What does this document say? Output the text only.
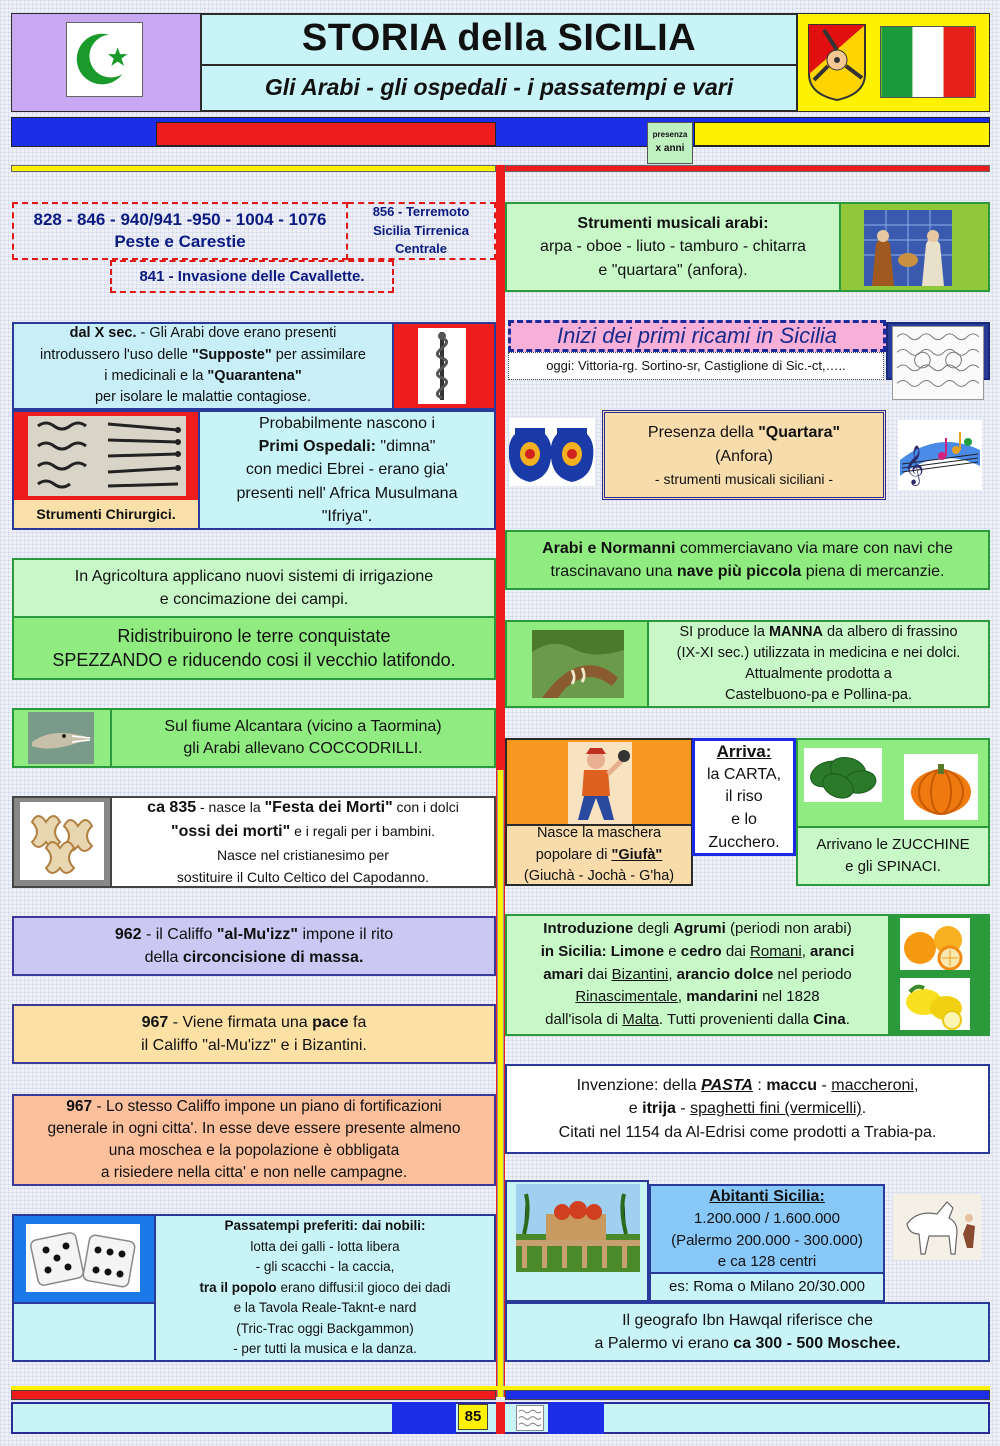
STORIA della SICILIA
Gli Arabi - gli ospedali - i passatempi e vari
presenza
x anni
828 - 846 - 940/941 -950 - 1004 - 1076
Peste e Carestie
856 - Terremoto
Sicilia Tirrenica
Centrale
841 - Invasione delle Cavallette.
dal X sec. - Gli Arabi dove erano presenti
introdussero l'uso delle "Supposte" per assimilare
i medicinali e la "Quarantena"
per isolare le malattie contagiose.
Strumenti Chirurgici.
Probabilmente nascono i
Primi Ospedali: "dimna"
con medici Ebrei - erano gia'
presenti nell' Africa Musulmana
"Ifriya".
In Agricoltura applicano nuovi sistemi di irrigazione
e concimazione dei campi.
Ridistribuirono le terre conquistate
SPEZZANDO e riducendo cosi il vecchio latifondo.
Sul fiume Alcantara (vicino a Taormina)
gli Arabi allevano COCCODRILLI.
ca 835 - nasce la "Festa dei Morti" con i dolci
"ossi dei morti" e i regali per i bambini.
Nasce nel cristianesimo per
sostituire il Culto Celtico del Capodanno.
962 - il Califfo "al-Mu'izz" impone il rito
della circoncisione di massa.
967 - Viene firmata una pace fa
il Califfo "al-Mu'izz" e i Bizantini.
967 - Lo stesso Califfo impone un piano di fortificazioni
generale in ogni citta'. In esse deve essere presente almeno
una moschea e la popolazione è obbligata
a risiedere nella citta' e non nelle campagne.
Passatempi preferiti: dai nobili:
lotta dei galli - lotta libera
- gli scacchi - la caccia,
tra il popolo erano diffusi:il gioco dei dadi
e la Tavola Reale-Taknt-e nard
(Tric-Trac oggi Backgammon)
- per tutti la musica e la danza.
Strumenti musicali arabi:
arpa - oboe - liuto - tamburo - chitarra
e "quartara" (anfora).
Inizi dei primi ricami in Sicilia
oggi: Vittoria-rg. Sortino-sr, Castiglione di Sic.-ct,…..
Presenza della "Quartara"
(Anfora)
- strumenti musicali siciliani - 𝄞
Arabi e Normanni commerciavano via mare con navi che
trascinavano una nave più piccola piena di mercanzie.
SI produce la MANNA da albero di frassino
(IX-XI sec.) utilizzata in medicina e nei dolci.
Attualmente prodotta a
Castelbuono-pa e Pollina-pa.
Nasce la maschera
popolare di "Giufà"
(Giuchà - Jochà - G'ha)
Arriva:
la CARTA,
il riso
e lo
Zucchero. Arrivano le ZUCCHINE
e gli SPINACI.
Introduzione degli Agrumi (periodi non arabi)
in Sicilia: Limone e cedro dai Romani, aranci
amari dai Bizantini, arancio dolce nel periodo
Rinascimentale, mandarini nel 1828
dall'isola di Malta. Tutti provenienti dalla Cina.
Invenzione: della PASTA : maccu - maccheroni,
e itrija - spaghetti fini (vermicelli).
Citati nel 1154 da Al-Edrisi come prodotti a Trabia-pa.
Abitanti Sicilia:
1.200.000 / 1.600.000
(Palermo 200.000 - 300.000)
e ca 128 centri
es: Roma o Milano 20/30.000
Il geografo Ibn Hawqal riferisce che
a Palermo vi erano ca 300 - 500 Moschee.
85
